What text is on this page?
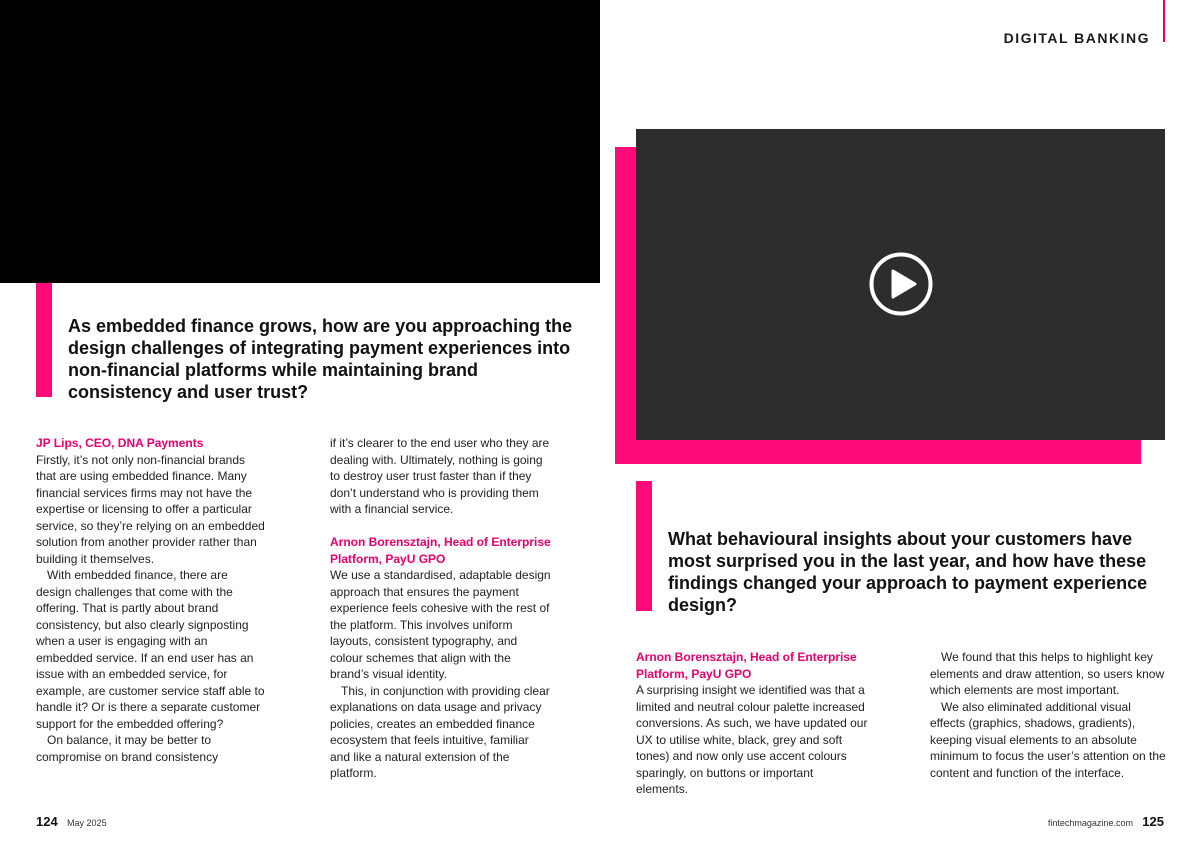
DIGITAL BANKING
As embedded finance grows, how are you approaching the design challenges of integrating payment experiences into non-financial platforms while maintaining brand consistency and user trust?

JP Lips, CEO, DNA Payments

Firstly, it’s not only non-financial brands that are using embedded finance. Many financial services firms may not have the expertise or licensing to offer a particular service, so they’re relying on an embedded solution from another provider rather than building it themselves.

With embedded finance, there are design challenges that come with the offering. That is partly about brand consistency, but also clearly signposting when a user is engaging with an embedded service. If an end user has an issue with an embedded service, for example, are customer service staff able to handle it? Or is there a separate customer support for the embedded offering?

On balance, it may be better to compromise on brand consistency

if it’s clearer to the end user who they are dealing with. Ultimately, nothing is going to destroy user trust faster than if they don’t understand who is providing them with a financial service.

Arnon Borensztajn, Head of Enterprise Platform, PayU GPO

We use a standardised, adaptable design approach that ensures the payment experience feels cohesive with the rest of the platform. This involves uniform layouts, consistent typography, and colour schemes that align with the brand’s visual identity.

This, in conjunction with providing clear explanations on data usage and privacy policies, creates an embedded finance ecosystem that feels intuitive, familiar and like a natural extension of the platform.

What behavioural insights about your customers have most surprised you in the last year, and how have these findings changed your approach to payment experience design?

Arnon Borensztajn, Head of Enterprise Platform, PayU GPO

A surprising insight we identified was that a limited and neutral colour palette increased conversions. As such, we have updated our UX to utilise white, black, grey and soft tones) and now only use accent colours sparingly, on buttons or important elements.

We found that this helps to highlight key elements and draw attention, so users know which elements are most important.

We also eliminated additional visual effects (graphics, shadows, gradients), keeping visual elements to an absolute minimum to focus the user’s attention on the content and function of the interface.

124 May 2025	fintechmagazine.com 125
